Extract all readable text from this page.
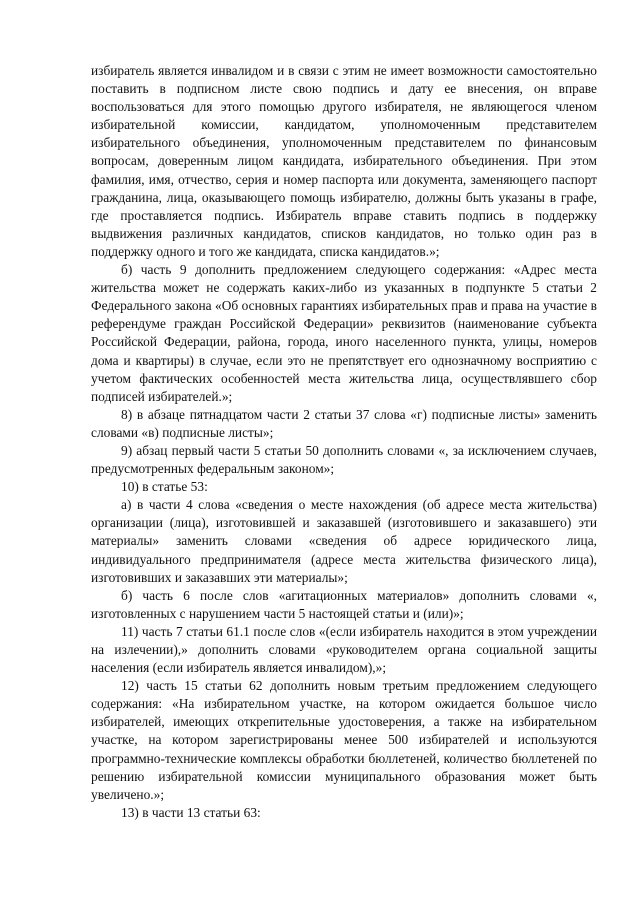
избиратель является инвалидом и в связи с этим не имеет возможности самостоятельно поставить в подписном листе свою подпись и дату ее внесения, он вправе воспользоваться для этого помощью другого избирателя, не являющегося членом избирательной комиссии, кандидатом, уполномоченным представителем избирательного объединения, уполномоченным представителем по финансовым вопросам, доверенным лицом кандидата, избирательного объединения. При этом фамилия, имя, отчество, серия и номер паспорта или документа, заменяющего паспорт гражданина, лица, оказывающего помощь избирателю, должны быть указаны в графе, где проставляется подпись. Избиратель вправе ставить подпись в поддержку выдвижения различных кандидатов, списков кандидатов, но только один раз в поддержку одного и того же кандидата, списка кандидатов.»;

б) часть 9 дополнить предложением следующего содержания: «Адрес места жительства может не содержать каких-либо из указанных в подпункте 5 статьи 2 Федерального закона «Об основных гарантиях избирательных прав и права на участие в референдуме граждан Российской Федерации» реквизитов (наименование субъекта Российской Федерации, района, города, иного населенного пункта, улицы, номеров дома и квартиры) в случае, если это не препятствует его однозначному восприятию с учетом фактических особенностей места жительства лица, осуществлявшего сбор подписей избирателей.»;

8) в абзаце пятнадцатом части 2 статьи 37 слова «г) подписные листы» заменить словами «в) подписные листы»;

9) абзац первый части 5 статьи 50 дополнить словами «, за исключением случаев, предусмотренных федеральным законом»;

10) в статье 53:

а) в части 4 слова «сведения о месте нахождения (об адресе места жительства) организации (лица), изготовившей и заказавшей (изготовившего и заказавшего) эти материалы» заменить словами «сведения об адресе юридического лица, индивидуального предпринимателя (адресе места жительства физического лица), изготовивших и заказавших эти материалы»;

б) часть 6 после слов «агитационных материалов» дополнить словами «, изготовленных с нарушением части 5 настоящей статьи и (или)»;

11) часть 7 статьи 61.1 после слов «(если избиратель находится в этом учреждении на излечении),» дополнить словами «руководителем органа социальной защиты населения (если избиратель является инвалидом),»;

12) часть 15 статьи 62 дополнить новым третьим предложением следующего содержания: «На избирательном участке, на котором ожидается большое число избирателей, имеющих открепительные удостоверения, а также на избирательном участке, на котором зарегистрированы менее 500 избирателей и используются программно-технические комплексы обработки бюллетеней, количество бюллетеней по решению избирательной комиссии муниципального образования может быть увеличено.»;

13) в части 13 статьи 63:
